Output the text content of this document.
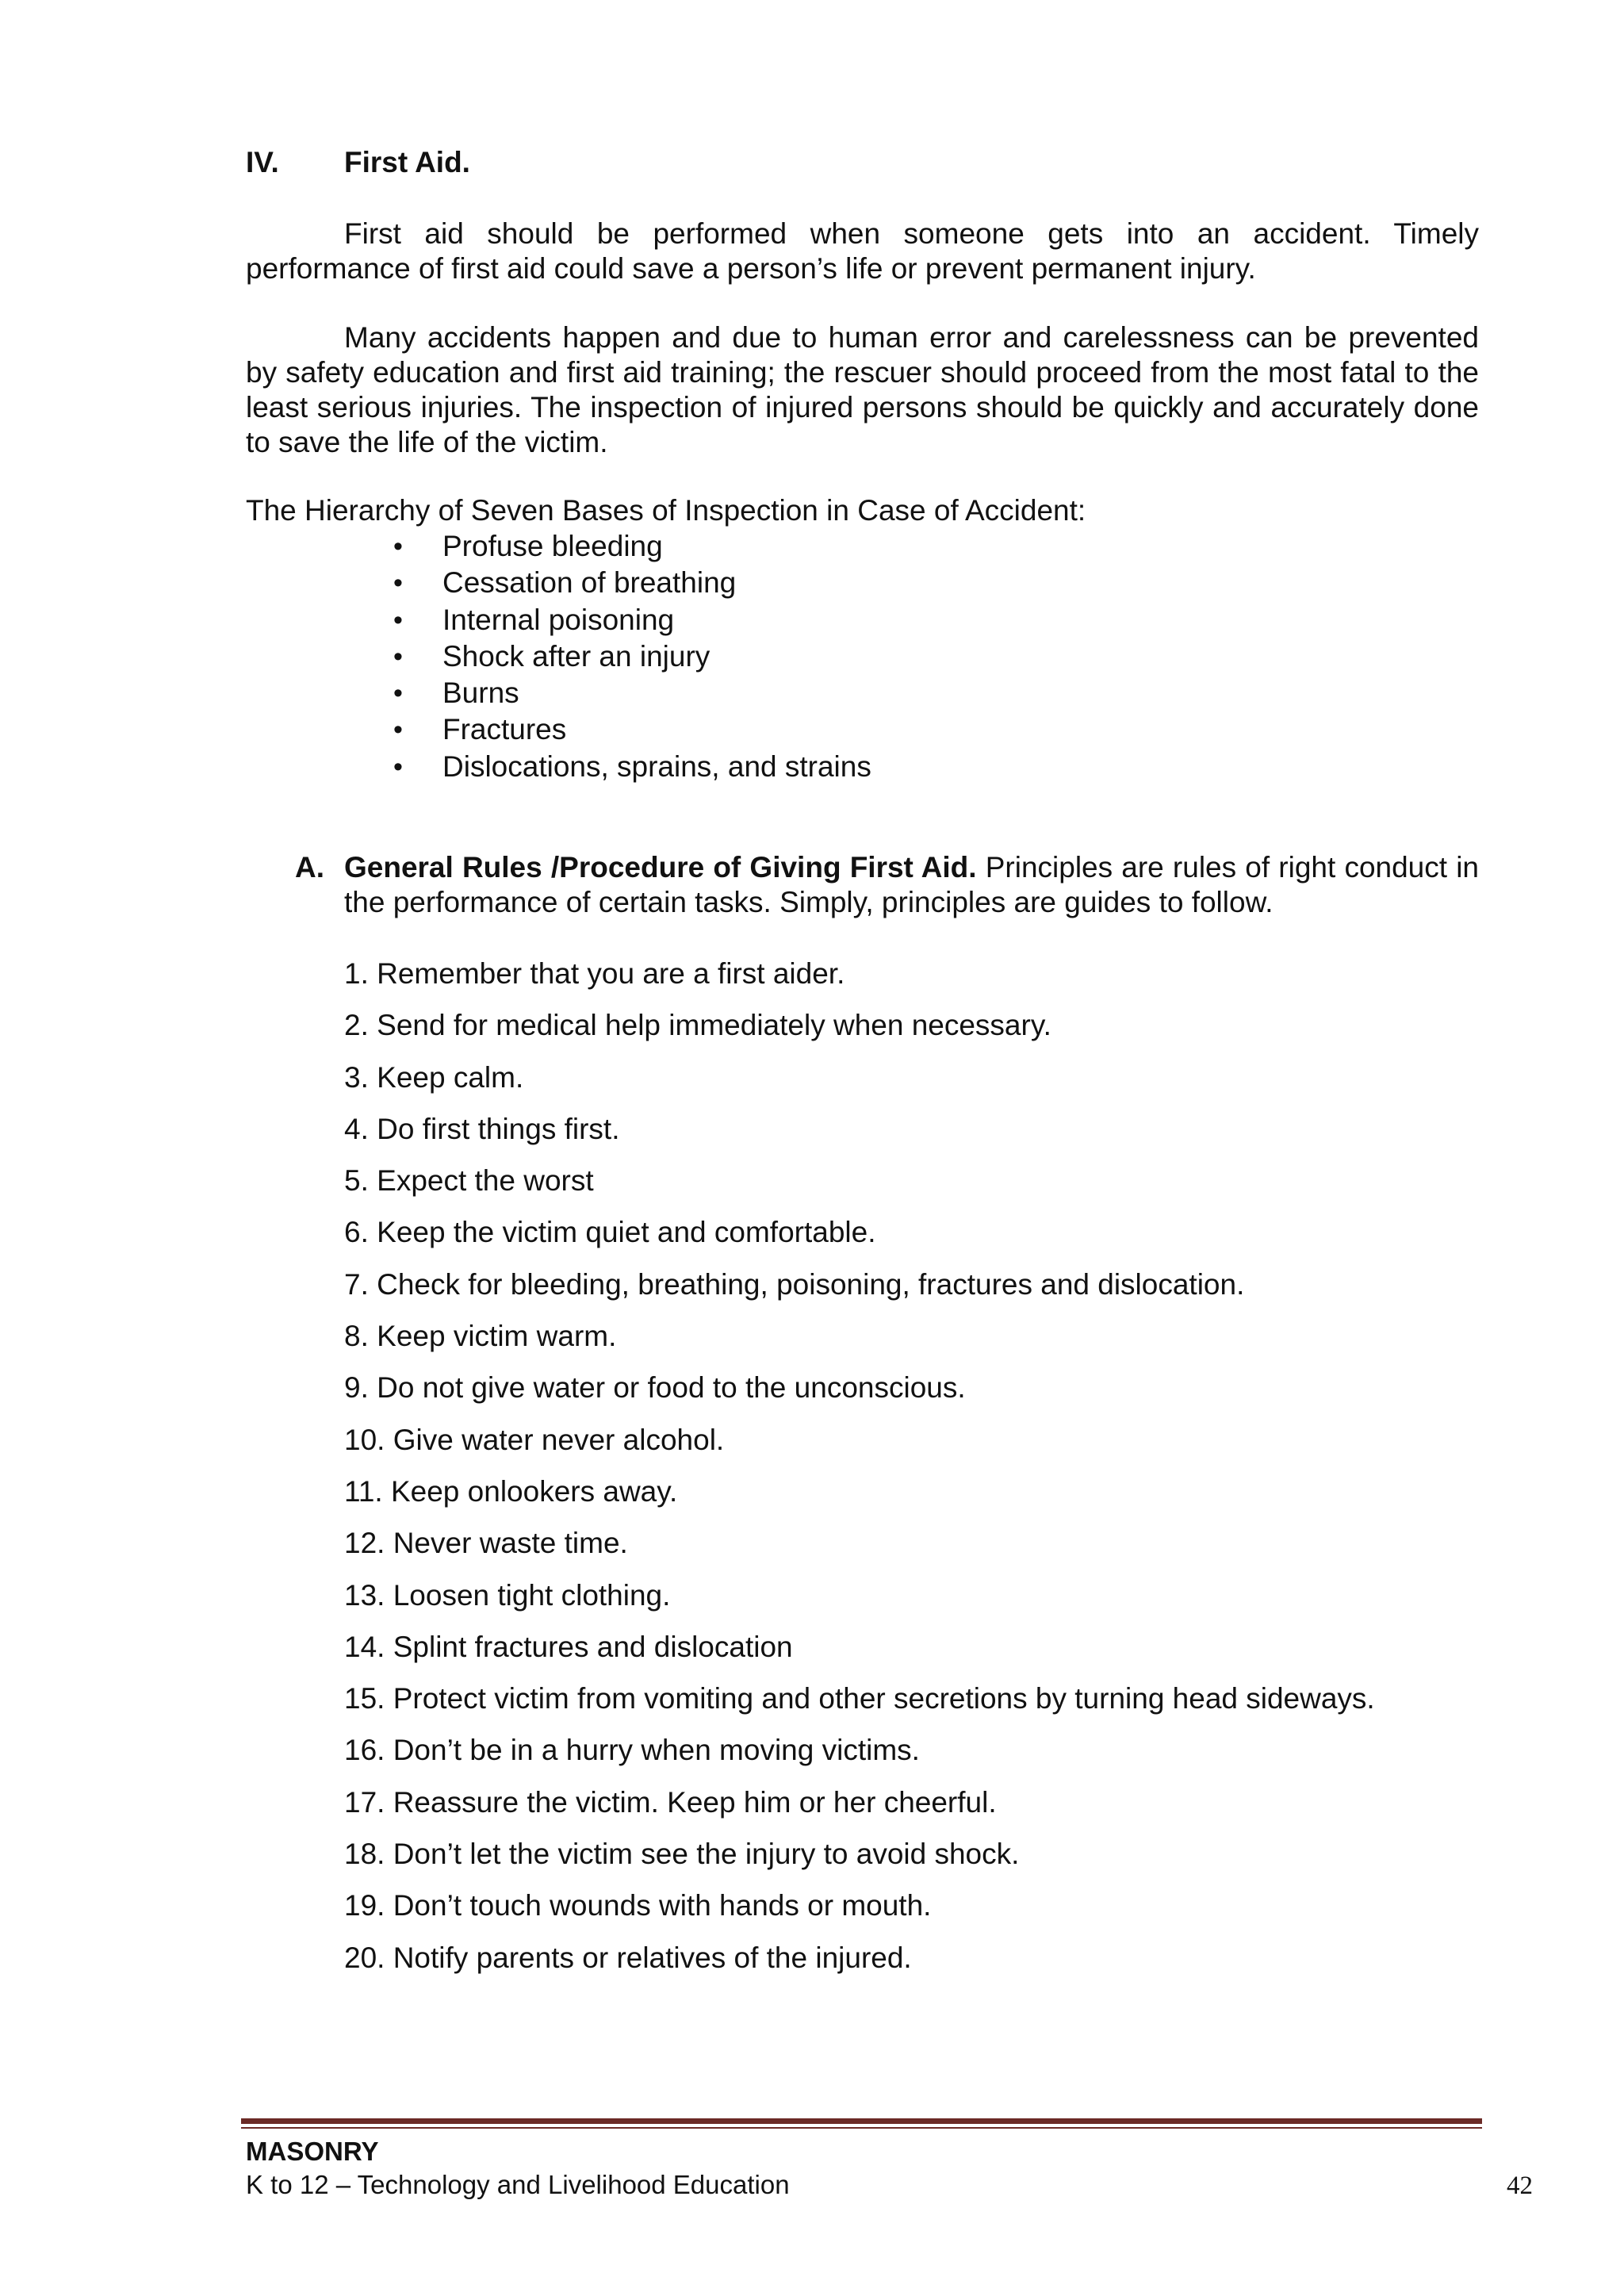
IV. First Aid.

First aid should be performed when someone gets into an accident. Timely performance of first aid could save a person’s life or prevent permanent injury.

Many accidents happen and due to human error and carelessness can be prevented by safety education and first aid training; the rescuer should proceed from the most fatal to the least serious injuries. The inspection of injured persons should be quickly and accurately done to save the life of the victim.

The Hierarchy of Seven Bases of Inspection in Case of Accident:

• Profuse bleeding
• Cessation of breathing
• Internal poisoning
• Shock after an injury
• Burns
• Fractures
• Dislocations, sprains, and strains
A. General Rules /Procedure of Giving First Aid. Principles are rules of right conduct in the performance of certain tasks. Simply, principles are guides to follow.
1. Remember that you are a first aider.
2. Send for medical help immediately when necessary.
3. Keep calm.
4. Do first things first.
5. Expect the worst
6. Keep the victim quiet and comfortable.
7. Check for bleeding, breathing, poisoning, fractures and dislocation.
8. Keep victim warm.
9. Do not give water or food to the unconscious.
10. Give water never alcohol.
11. Keep onlookers away.
12. Never waste time.
13. Loosen tight clothing.
14. Splint fractures and dislocation
15. Protect victim from vomiting and other secretions by turning head sideways.
16. Don’t be in a hurry when moving victims.
17. Reassure the victim. Keep him or her cheerful.
18. Don’t let the victim see the injury to avoid shock.
19. Don’t touch wounds with hands or mouth.
20. Notify parents or relatives of the injured.
MASONRY
K to 12 – Technology and Livelihood Education	42
